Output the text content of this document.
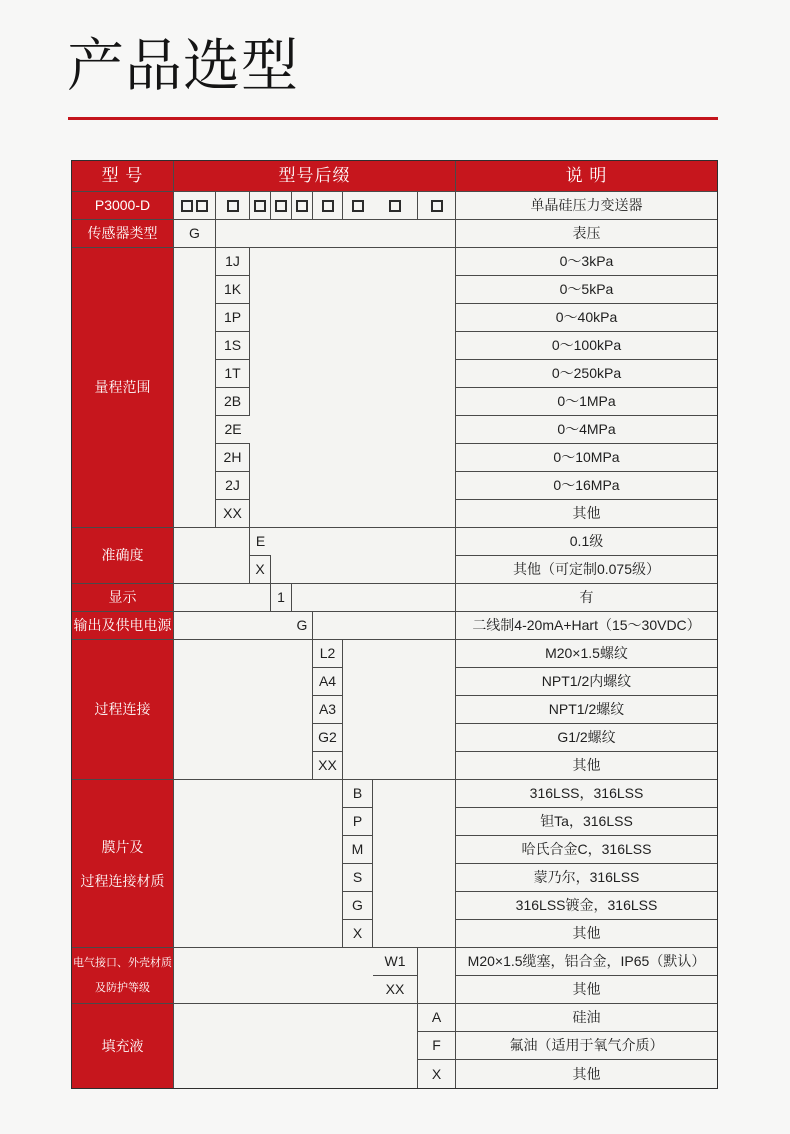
产品选型
型 号	型号后缀	说 明
P3000-D	单晶硅压力变送器
传感器类型	G	表压
量程范围
1J	0～3kPa
1K	0～5kPa
1P	0～40kPa
1S	0～100kPa
1T	0～250kPa
2B	0～1MPa
2E	0～4MPa
2H	0～10MPa
2J	0～16MPa
XX	其他
准确度
E	0.1级
X	其他（可定制0.075级）
显示	1	有
输出及供电电源	G	二线制4-20mA+Hart（15～30VDC）
过程连接
L2	M20×1.5螺纹
A4	NPT1/2内螺纹
A3	NPT1/2螺纹
G2	G1/2螺纹
XX	其他
膜片及
过程连接材质
B	316LSS，316LSS
P	钽Ta，316LSS
M	哈氏合金C，316LSS
S	蒙乃尔，316LSS
G	316LSS镀金，316LSS
X	其他
电气接口、外壳材质
及防护等级
W1	M20×1.5缆塞，铝合金，IP65（默认）
XX	其他
填充液
A	硅油
F	氟油（适用于氧气介质）
X	其他
